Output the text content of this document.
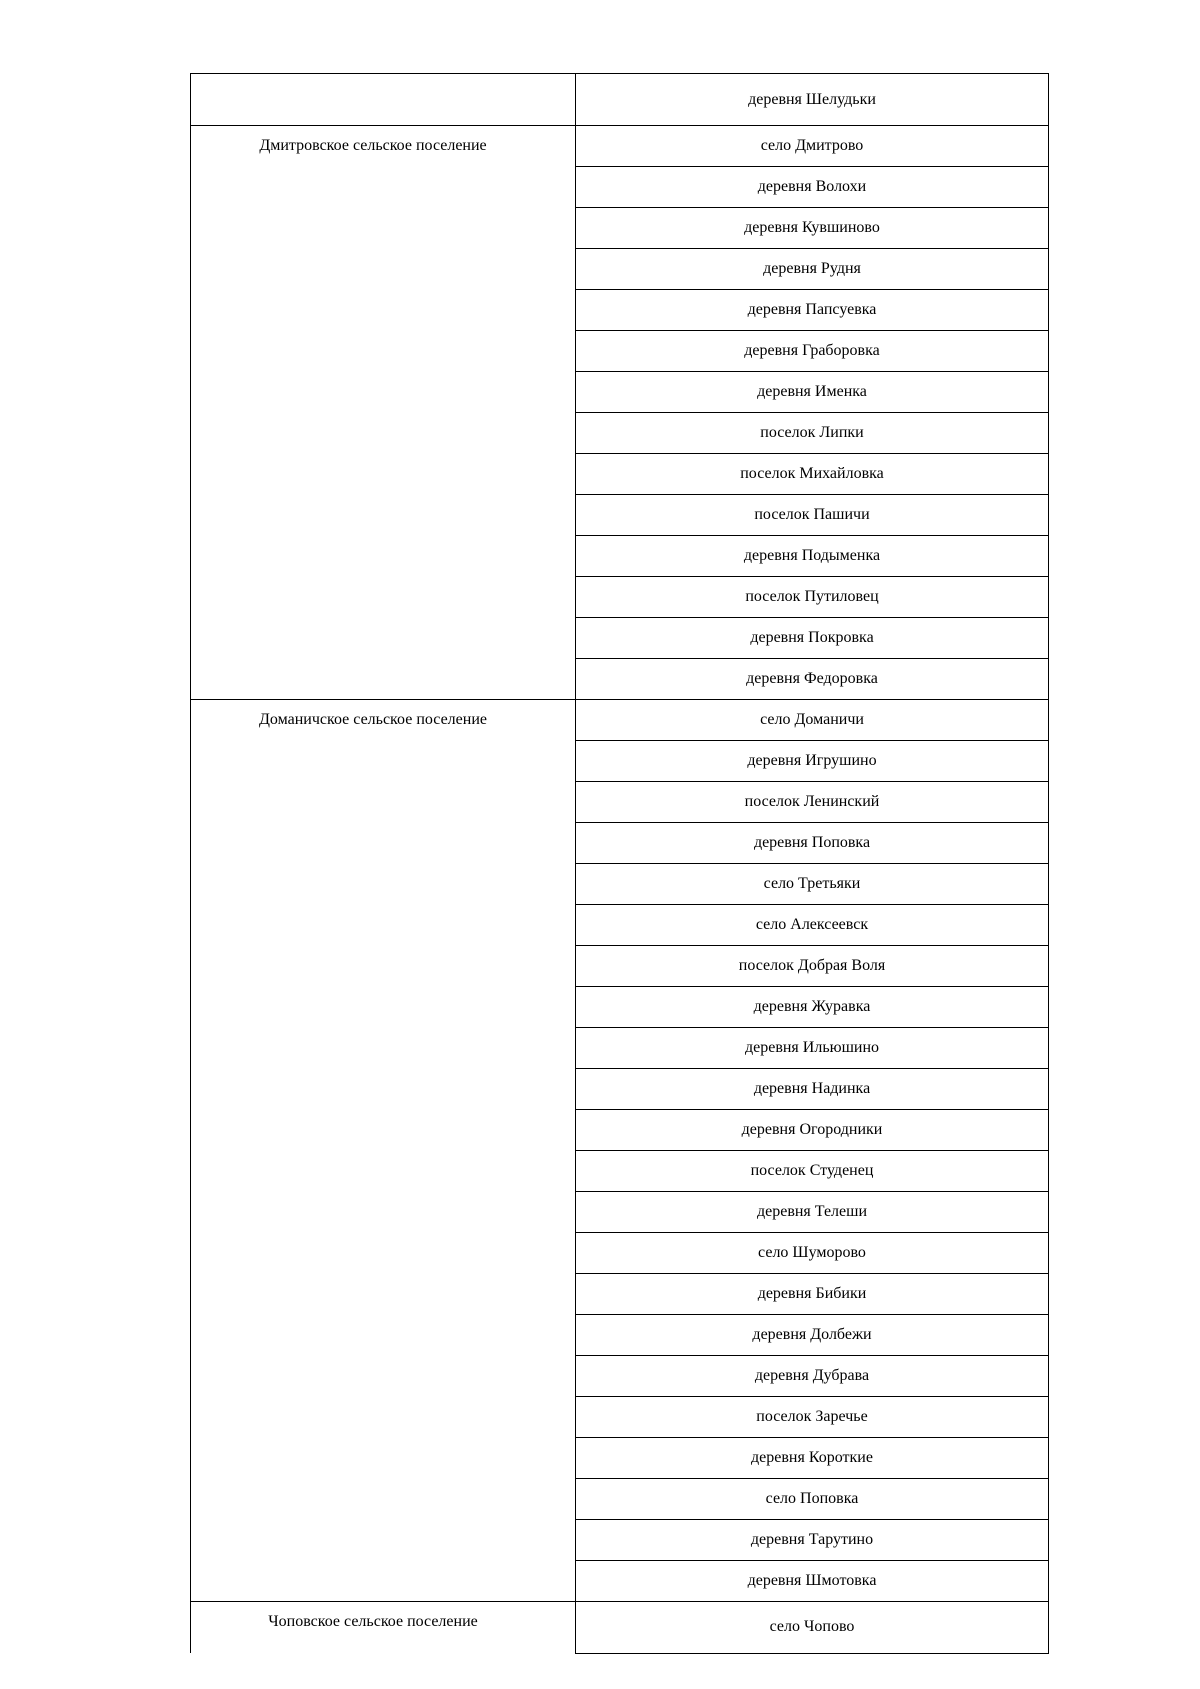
	деревня Шелудьки
Дмитровское сельское поселение	село Дмитрово
	деревня Волохи
	деревня Кувшиново
	деревня Рудня
	деревня Папсуевка
	деревня Граборовка
	деревня Именка
	поселок Липки
	поселок Михайловка
	поселок Пашичи
	деревня Подыменка
	поселок Путиловец
	деревня Покровка
	деревня Федоровка
Доманичское сельское поселение	село Доманичи
	деревня Игрушино
	поселок Ленинский
	деревня Поповка
	село Третьяки
	село Алексеевск
	поселок Добрая Воля
	деревня Журавка
	деревня Ильюшино
	деревня Надинка
	деревня Огородники
	поселок Студенец
	деревня Телеши
	село Шуморово
	деревня Бибики
	деревня Долбежи
	деревня Дубрава
	поселок Заречье
	деревня Короткие
	село Поповка
	деревня Тарутино
	деревня Шмотовка
Чоповское сельское поселение	село Чопово
